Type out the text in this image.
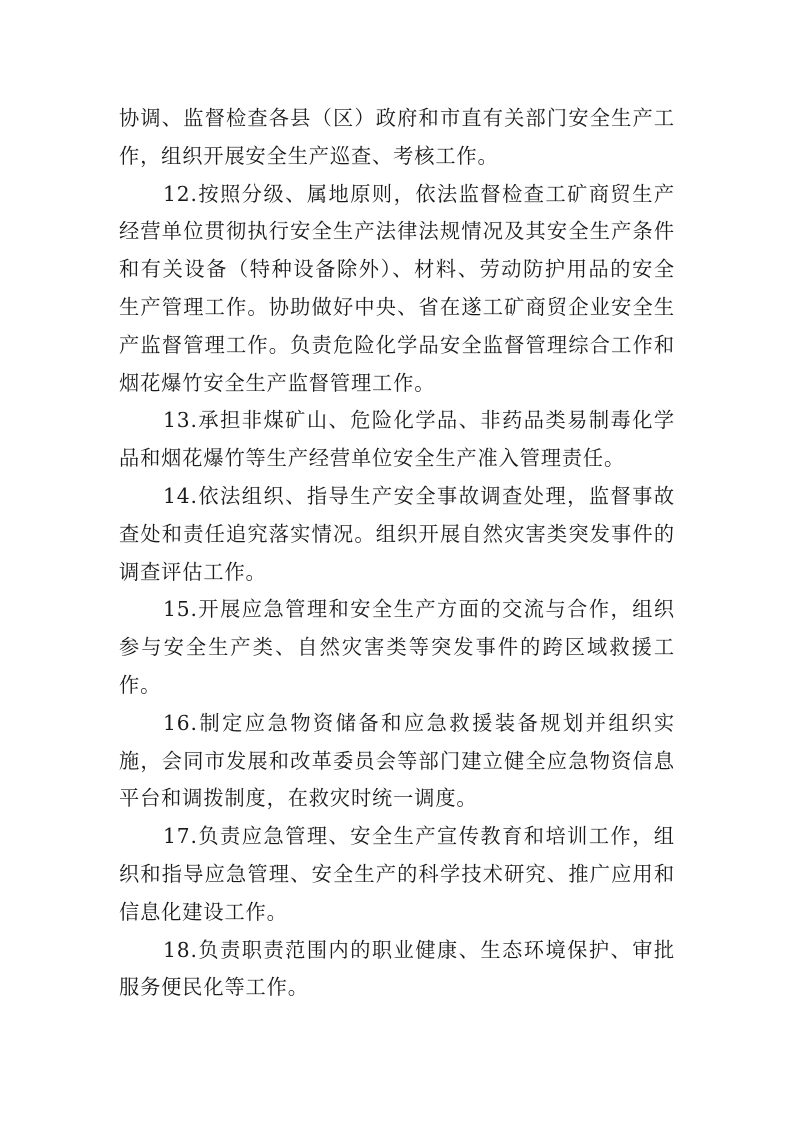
协调、监督检查各县（区）政府和市直有关部门安全生产工作，组织开展安全生产巡查、考核工作。

12.按照分级、属地原则，依法监督检查工矿商贸生产经营单位贯彻执行安全生产法律法规情况及其安全生产条件和有关设备（特种设备除外）、材料、劳动防护用品的安全生产管理工作。协助做好中央、省在遂工矿商贸企业安全生产监督管理工作。负责危险化学品安全监督管理综合工作和烟花爆竹安全生产监督管理工作。

13.承担非煤矿山、危险化学品、非药品类易制毒化学品和烟花爆竹等生产经营单位安全生产准入管理责任。

14.依法组织、指导生产安全事故调查处理，监督事故查处和责任追究落实情况。组织开展自然灾害类突发事件的调查评估工作。

15.开展应急管理和安全生产方面的交流与合作，组织参与安全生产类、自然灾害类等突发事件的跨区域救援工作。

16.制定应急物资储备和应急救援装备规划并组织实施，会同市发展和改革委员会等部门建立健全应急物资信息平台和调拨制度，在救灾时统一调度。

17.负责应急管理、安全生产宣传教育和培训工作，组织和指导应急管理、安全生产的科学技术研究、推广应用和信息化建设工作。

18.负责职责范围内的职业健康、生态环境保护、审批服务便民化等工作。
